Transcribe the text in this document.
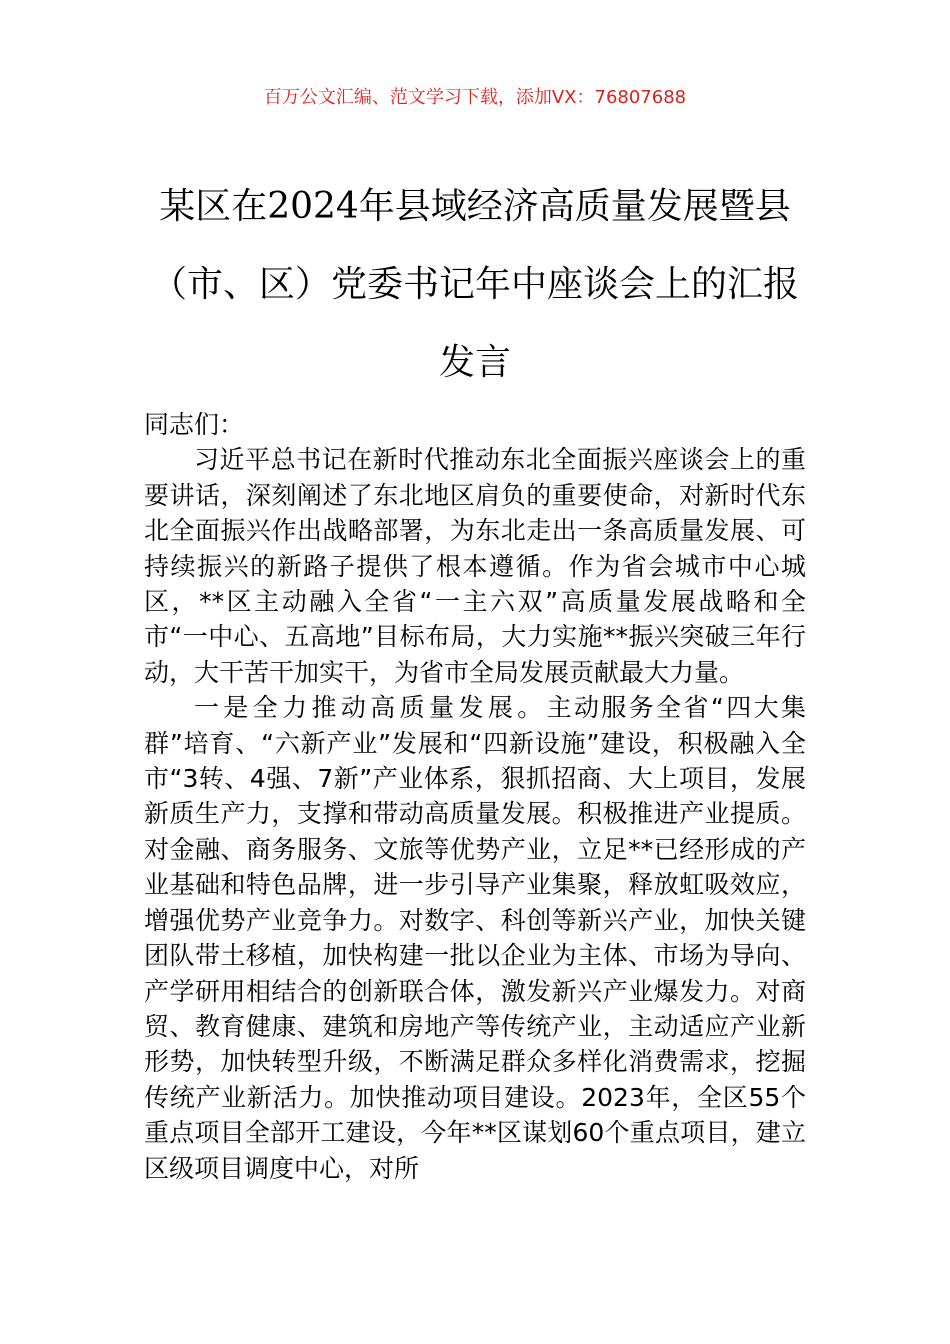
百万公文汇编、范文学习下载，添加VX：76807688
某区在2024年县域经济高质量发展暨县（市、区）党委书记年中座谈会上的汇报发言

同志们：

习近平总书记在新时代推动东北全面振兴座谈会上的重要讲话，深刻阐述了东北地区肩负的重要使命，对新时代东北全面振兴作出战略部署，为东北走出一条高质量发展、可持续振兴的新路子提供了根本遵循。作为省会城市中心城区，**区主动融入全省“一主六双”高质量发展战略和全市“一中心、五高地”目标布局，大力实施**振兴突破三年行动，大干苦干加实干，为省市全局发展贡献最大力量。

一是全力推动高质量发展。主动服务全省“四大集群”培育、“六新产业”发展和“四新设施”建设，积极融入全市“3转、4强、7新”产业体系，狠抓招商、大上项目，发展新质生产力，支撑和带动高质量发展。积极推进产业提质。对金融、商务服务、文旅等优势产业，立足**已经形成的产业基础和特色品牌，进一步引导产业集聚，释放虹吸效应，增强优势产业竞争力。对数字、科创等新兴产业，加快关键团队带土移植，加快构建一批以企业为主体、市场为导向、产学研用相结合的创新联合体，激发新兴产业爆发力。对商贸、教育健康、建筑和房地产等传统产业，主动适应产业新形势，加快转型升级，不断满足群众多样化消费需求，挖掘传统产业新活力。加快推动项目建设。2023年，全区55个重点项目全部开工建设，今年**区谋划60个重点项目，建立区级项目调度中心，对所
